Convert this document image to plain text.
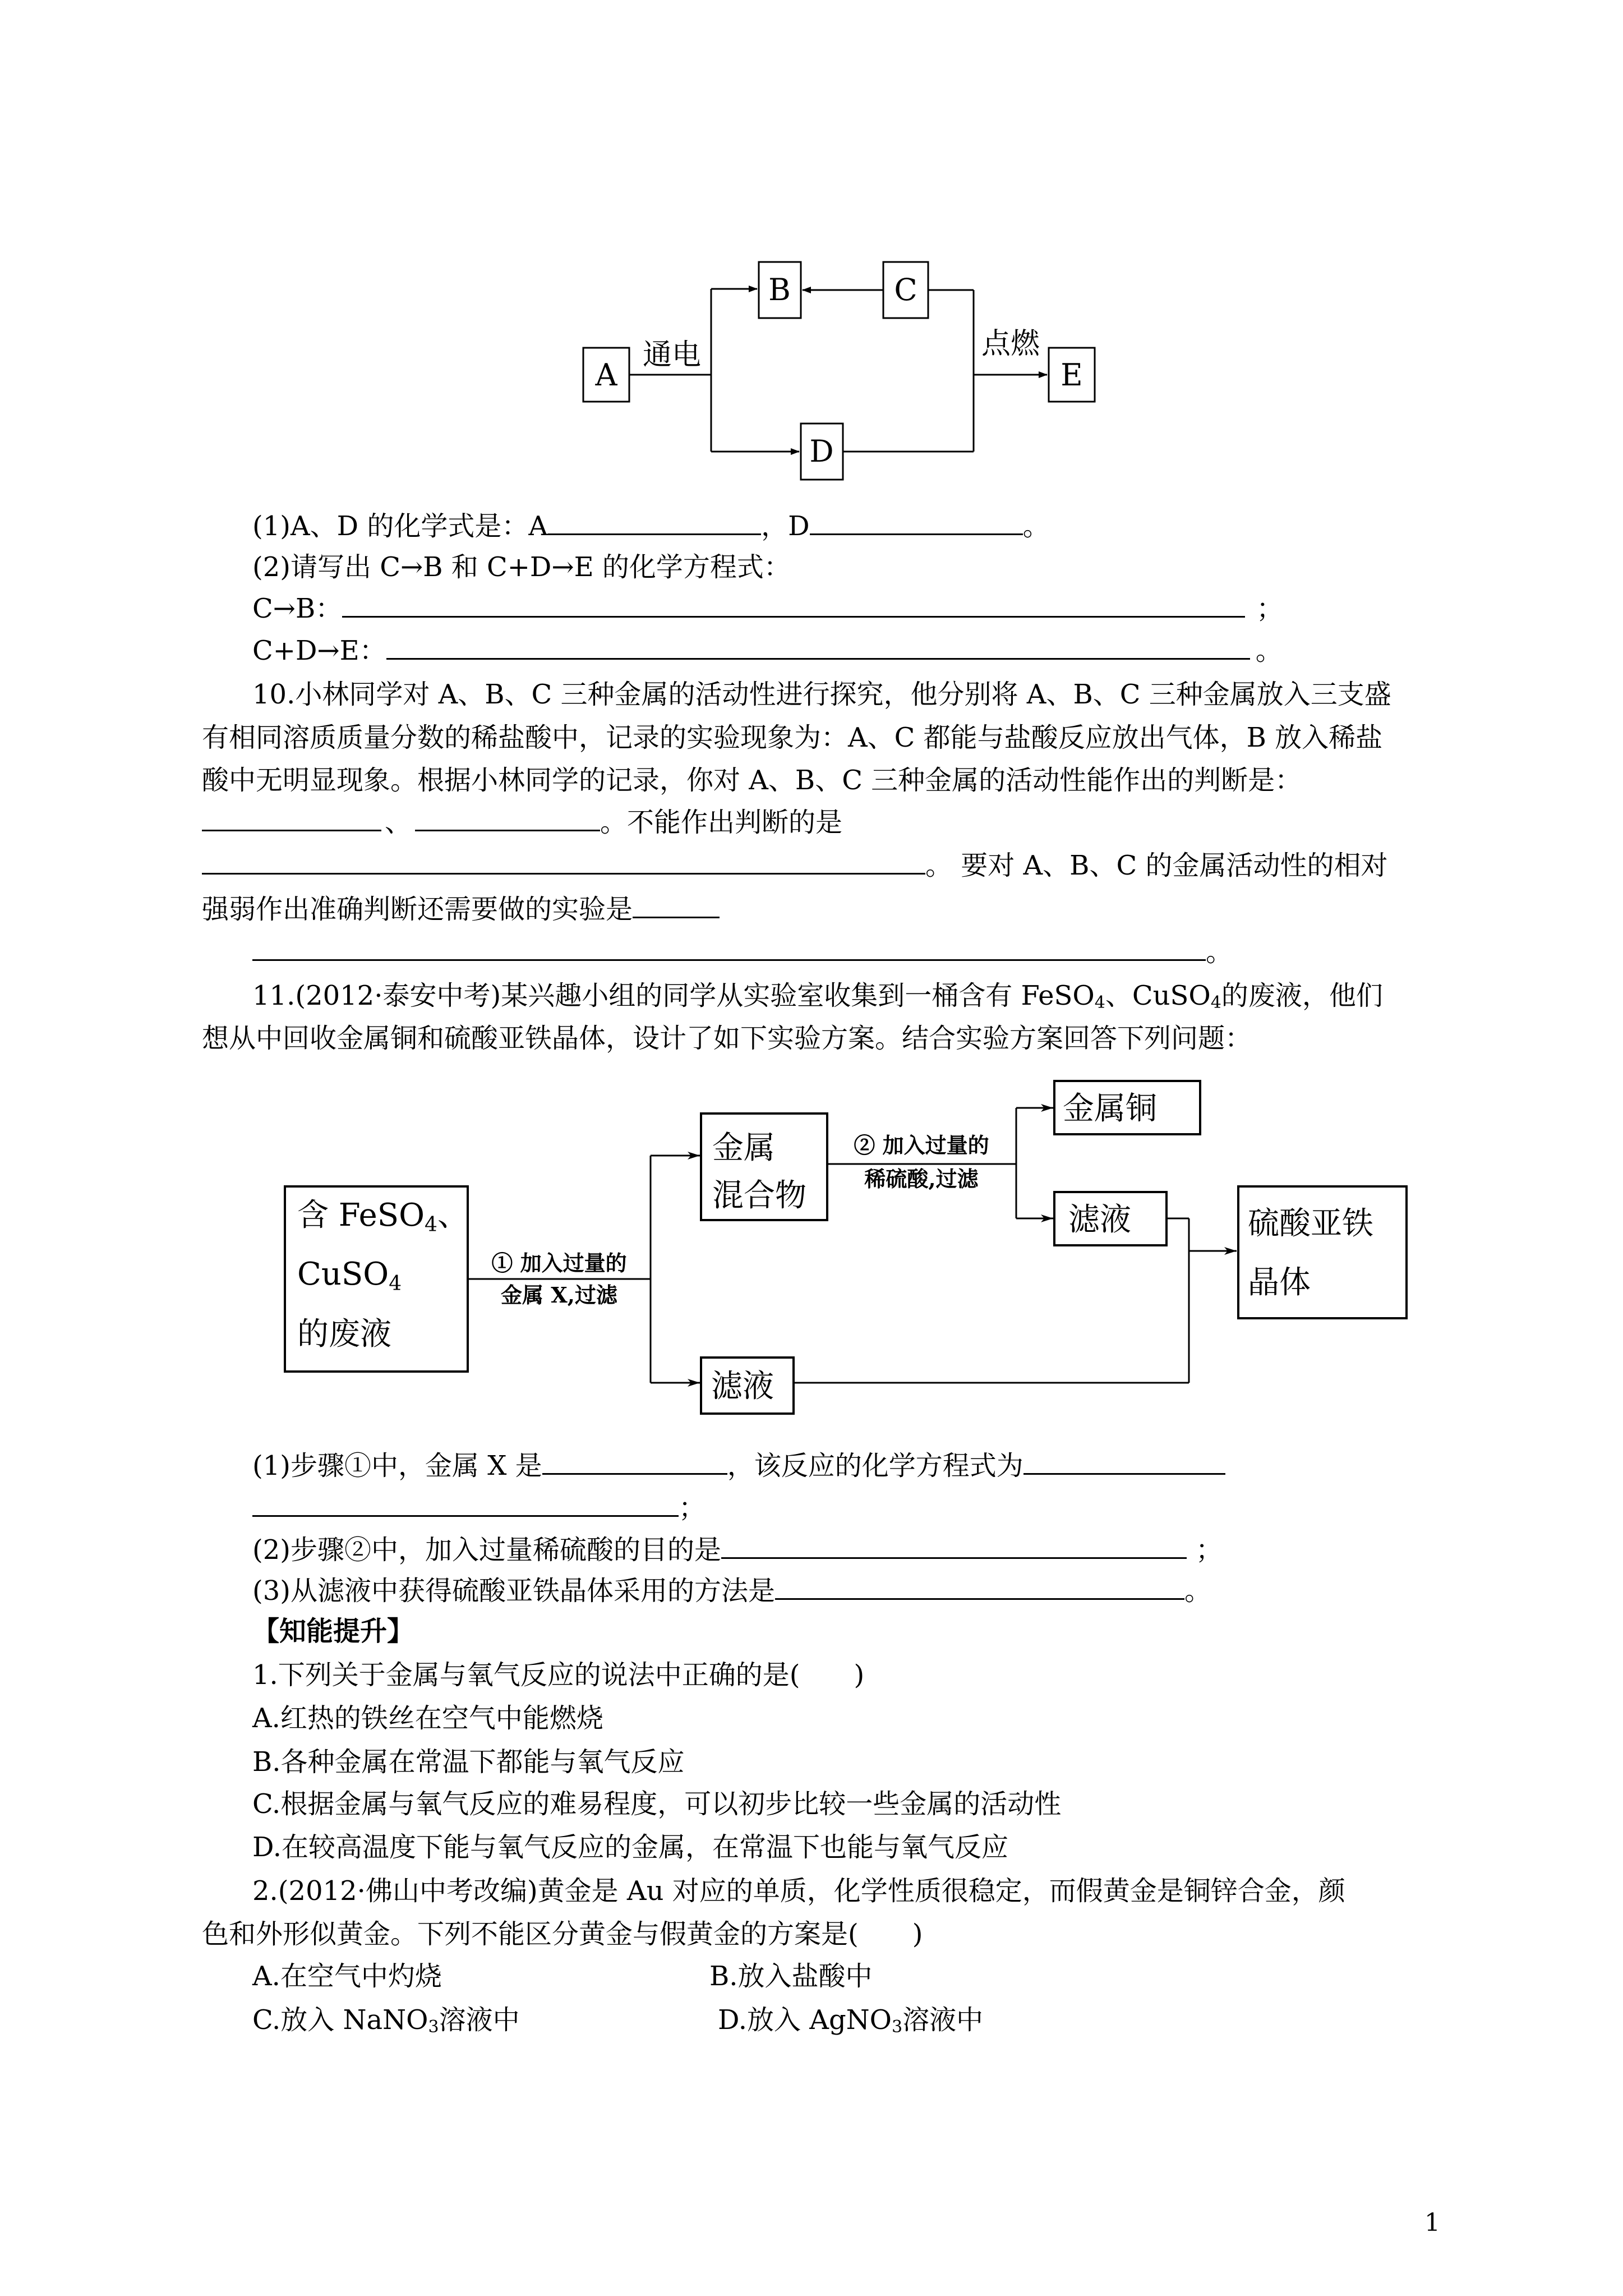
A
B	C
D
E
通电	点燃
(1)A、D 的化学式是：A	，D	。
(2)请写出 C→B 和 C+D→E 的化学方程式：
C→B：	；
C+D→E：	。
10.小林同学对 A、B、C 三种金属的活动性进行探究，他分别将 A、B、C 三种金属放入三支盛
有相同溶质质量分数的稀盐酸中，记录的实验现象为：A、C 都能与盐酸反应放出气体，B 放入稀盐
酸中无明显现象。根据小林同学的记录，你对 A、B、C 三种金属的活动性能作出的判断是：
、	。不能作出判断的是
。 要对 A、B、C 的金属活动性的相对
强弱作出准确判断还需要做的实验是
。
11.(2012·泰安中考)某兴趣小组的同学从实验室收集到一桶含有 FeSO$_4$、CuSO$_4$的废液，他们
想从中回收金属铜和硫酸亚铁晶体，设计了如下实验方案。结合实验方案回答下列问题：
含 FeSO4、
CuSO4
的废液
金属
混合物
金属铜
滤液	硫酸亚铁
晶体
滤液
① 加入过量的
金属 X,过滤
② 加入过量的
稀硫酸,过滤
(1)步骤①中，金属 X 是	，该反应的化学方程式为
；
(2)步骤②中，加入过量稀硫酸的目的是	；
(3)从滤液中获得硫酸亚铁晶体采用的方法是	。
【知能提升】
1.下列关于金属与氧气反应的说法中正确的是(　　)
A.红热的铁丝在空气中能燃烧
B.各种金属在常温下都能与氧气反应
C.根据金属与氧气反应的难易程度，可以初步比较一些金属的活动性
D.在较高温度下能与氧气反应的金属，在常温下也能与氧气反应
2.(2012·佛山中考改编)黄金是 Au 对应的单质，化学性质很稳定，而假黄金是铜锌合金，颜
色和外形似黄金。下列不能区分黄金与假黄金的方案是(　　)
A.在空气中灼烧	B.放入盐酸中
C.放入 NaNO$_3$溶液中	D.放入 AgNO$_3$溶液中
1
